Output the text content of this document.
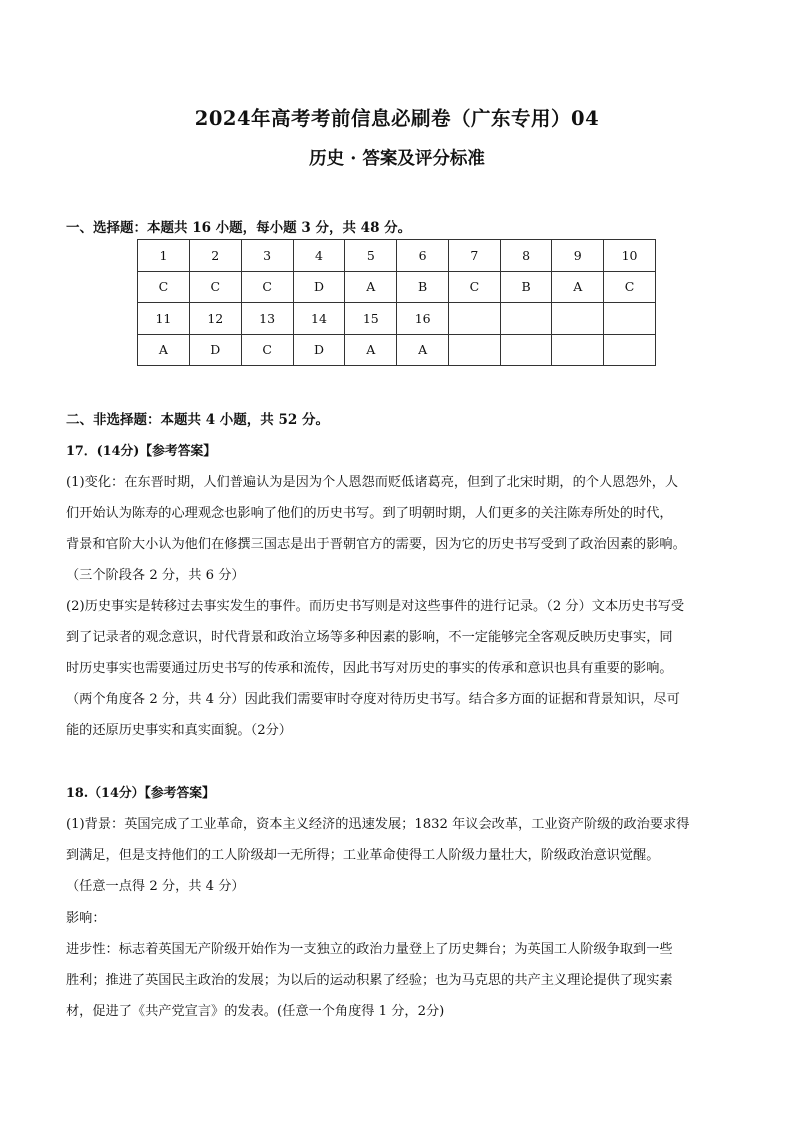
2024年高考考前信息必刷卷（广东专用）04
历史 · 答案及评分标准
一、选择题：本题共 16 小题，每小题 3 分，共 48 分。
1	2	3	4	5	6	7	8	9	10
C	C	C	D	A	B	C	B	A	C
11	12	13	14	15	16				
A	D	C	D	A	A				
二、非选择题：本题共 4 小题，共 52 分。
17．(14分)【参考答案】
(1)变化：在东晋时期，人们普遍认为是因为个人恩怨而贬低诸葛亮，但到了北宋时期，的个人恩怨外，人
们开始认为陈寿的心理观念也影响了他们的历史书写。到了明朝时期，人们更多的关注陈寿所处的时代，
背景和官阶大小认为他们在修撰三国志是出于晋朝官方的需要，因为它的历史书写受到了政治因素的影响。
（三个阶段各 2 分，共 6 分）
(2)历史事实是转移过去事实发生的事件。而历史书写则是对这些事件的进行记录。（2 分）文本历史书写受
到了记录者的观念意识，时代背景和政治立场等多种因素的影响，不一定能够完全客观反映历史事实，同
时历史事实也需要通过历史书写的传承和流传，因此书写对历史的事实的传承和意识也具有重要的影响。
（两个角度各 2 分，共 4 分）因此我们需要审时夺度对待历史书写。结合多方面的证据和背景知识，尽可
能的还原历史事实和真实面貌。（2分）
18.（14分）【参考答案】
(1)背景：英国完成了工业革命，资本主义经济的迅速发展；1832 年议会改革，工业资产阶级的政治要求得
到满足，但是支持他们的工人阶级却一无所得；工业革命使得工人阶级力量壮大，阶级政治意识觉醒。
（任意一点得 2 分，共 4 分）
影响：
进步性：标志着英国无产阶级开始作为一支独立的政治力量登上了历史舞台；为英国工人阶级争取到一些
胜利；推进了英国民主政治的发展；为以后的运动积累了经验；也为马克思的共产主义理论提供了现实素
材，促进了《共产党宣言》的发表。(任意一个角度得 1 分，2分)
